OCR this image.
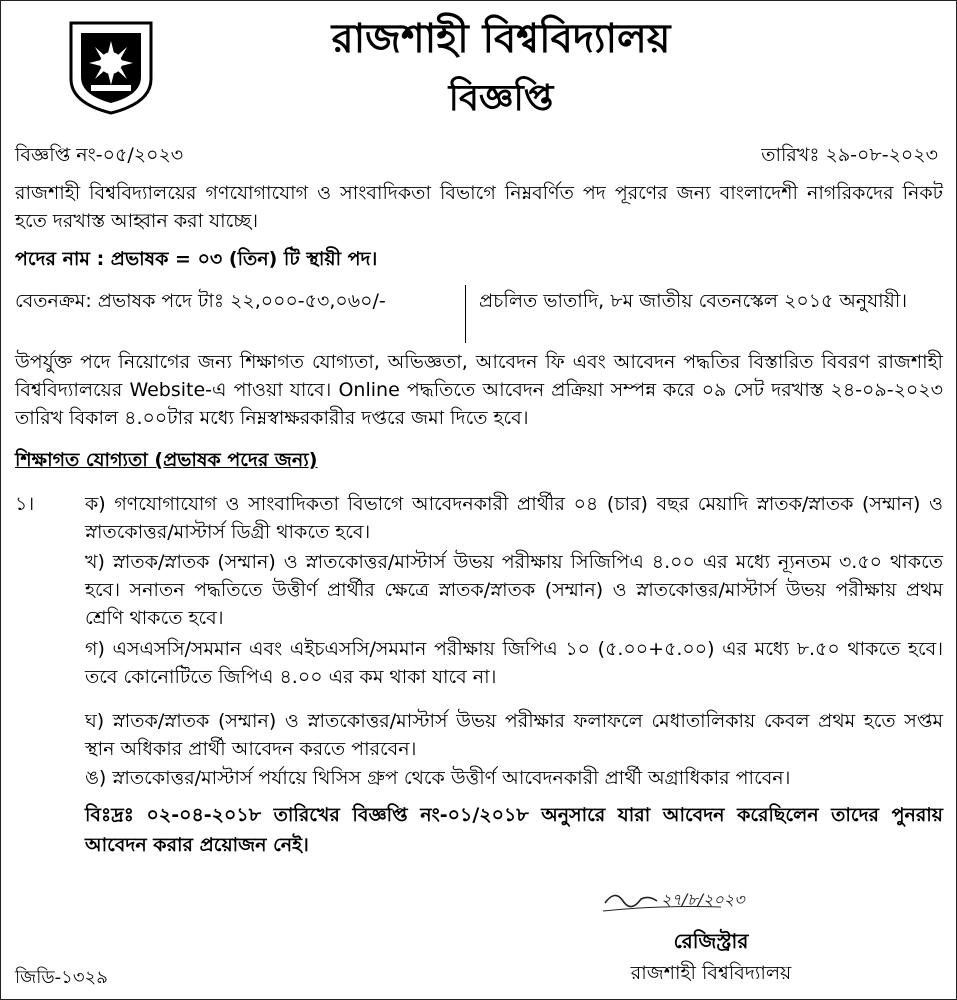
রাজশাহী বিশ্ববিদ্যালয়
বিজ্ঞপ্তি
বিজ্ঞপ্তি নং-০৫/২০২৩	তারিখঃ ২৯-০৮-২০২৩
রাজশাহী বিশ্ববিদ্যালয়ের গণযোগাযোগ ও সাংবাদিকতা বিভাগে নিম্নবর্ণিত পদ পূরণের জন্য বাংলাদেশী নাগরিকদের নিকট হতে দরখাস্ত আহ্বান করা যাচ্ছে।
পদের নাম : প্রভাষক = ০৩ (তিন) টি স্থায়ী পদ।
বেতনক্রম: প্রভাষক পদে টাঃ ২২,০০০-৫৩,০৬০/-	প্রচলিত ভাতাদি, ৮ম জাতীয় বেতনস্কেল ২০১৫ অনুযায়ী।
উপর্যুক্ত পদে নিয়োগের জন্য শিক্ষাগত যোগ্যতা, অভিজ্ঞতা, আবেদন ফি এবং আবেদন পদ্ধতির বিস্তারিত বিবরণ রাজশাহী বিশ্ববিদ্যালয়ের Website-এ পাওয়া যাবে। Online পদ্ধতিতে আবেদন প্রক্রিয়া সম্পন্ন করে ০৯ সেট দরখাস্ত ২৪-০৯-২০২৩ তারিখ বিকাল ৪.০০টার মধ্যে নিম্নস্বাক্ষরকারীর দপ্তরে জমা দিতে হবে।
শিক্ষাগত যোগ্যতা (প্রভাষক পদের জন্য)
১।	ক) গণযোগাযোগ ও সাংবাদিকতা বিভাগে আবেদনকারী প্রার্থীর ০৪ (চার) বছর মেয়াদি স্নাতক/স্নাতক (সম্মান) ও স্নাতকোত্তর/মাস্টার্স ডিগ্রী থাকতে হবে।
খ) স্নাতক/স্নাতক (সম্মান) ও স্নাতকোত্তর/মাস্টার্স উভয় পরীক্ষায় সিজিপিএ ৪.০০ এর মধ্যে ন্যূনতম ৩.৫০ থাকতে হবে। সনাতন পদ্ধতিতে উত্তীর্ণ প্রার্থীর ক্ষেত্রে স্নাতক/স্নাতক (সম্মান) ও স্নাতকোত্তর/মাস্টার্স উভয় পরীক্ষায় প্রথম শ্রেণি থাকতে হবে।
গ) এসএসসি/সমমান এবং এইচএসসি/সমমান পরীক্ষায় জিপিএ ১০ (৫.০০+৫.০০) এর মধ্যে ৮.৫০ থাকতে হবে। তবে কোনোটিতে জিপিএ ৪.০০ এর কম থাকা যাবে না।
ঘ) স্নাতক/স্নাতক (সম্মান) ও স্নাতকোত্তর/মাস্টার্স উভয় পরীক্ষার ফলাফলে মেধাতালিকায় কেবল প্রথম হতে সপ্তম স্থান অধিকার প্রার্থী আবেদন করতে পারবেন।
ঙ) স্নাতকোত্তর/মাস্টার্স পর্যায়ে থিসিস গ্রুপ থেকে উত্তীর্ণ আবেদনকারী প্রার্থী অগ্রাধিকার পাবেন।
বিঃদ্রঃ ০২-০৪-২০১৮ তারিখের বিজ্ঞপ্তি নং-০১/২০১৮ অনুসারে যারা আবেদন করেছিলেন তাদের পুনরায় আবেদন করার প্রয়োজন নেই।
২৭/৮/২০২৩
রেজিস্ট্রার
রাজশাহী বিশ্ববিদ্যালয়
জিডি-১৩২৯
